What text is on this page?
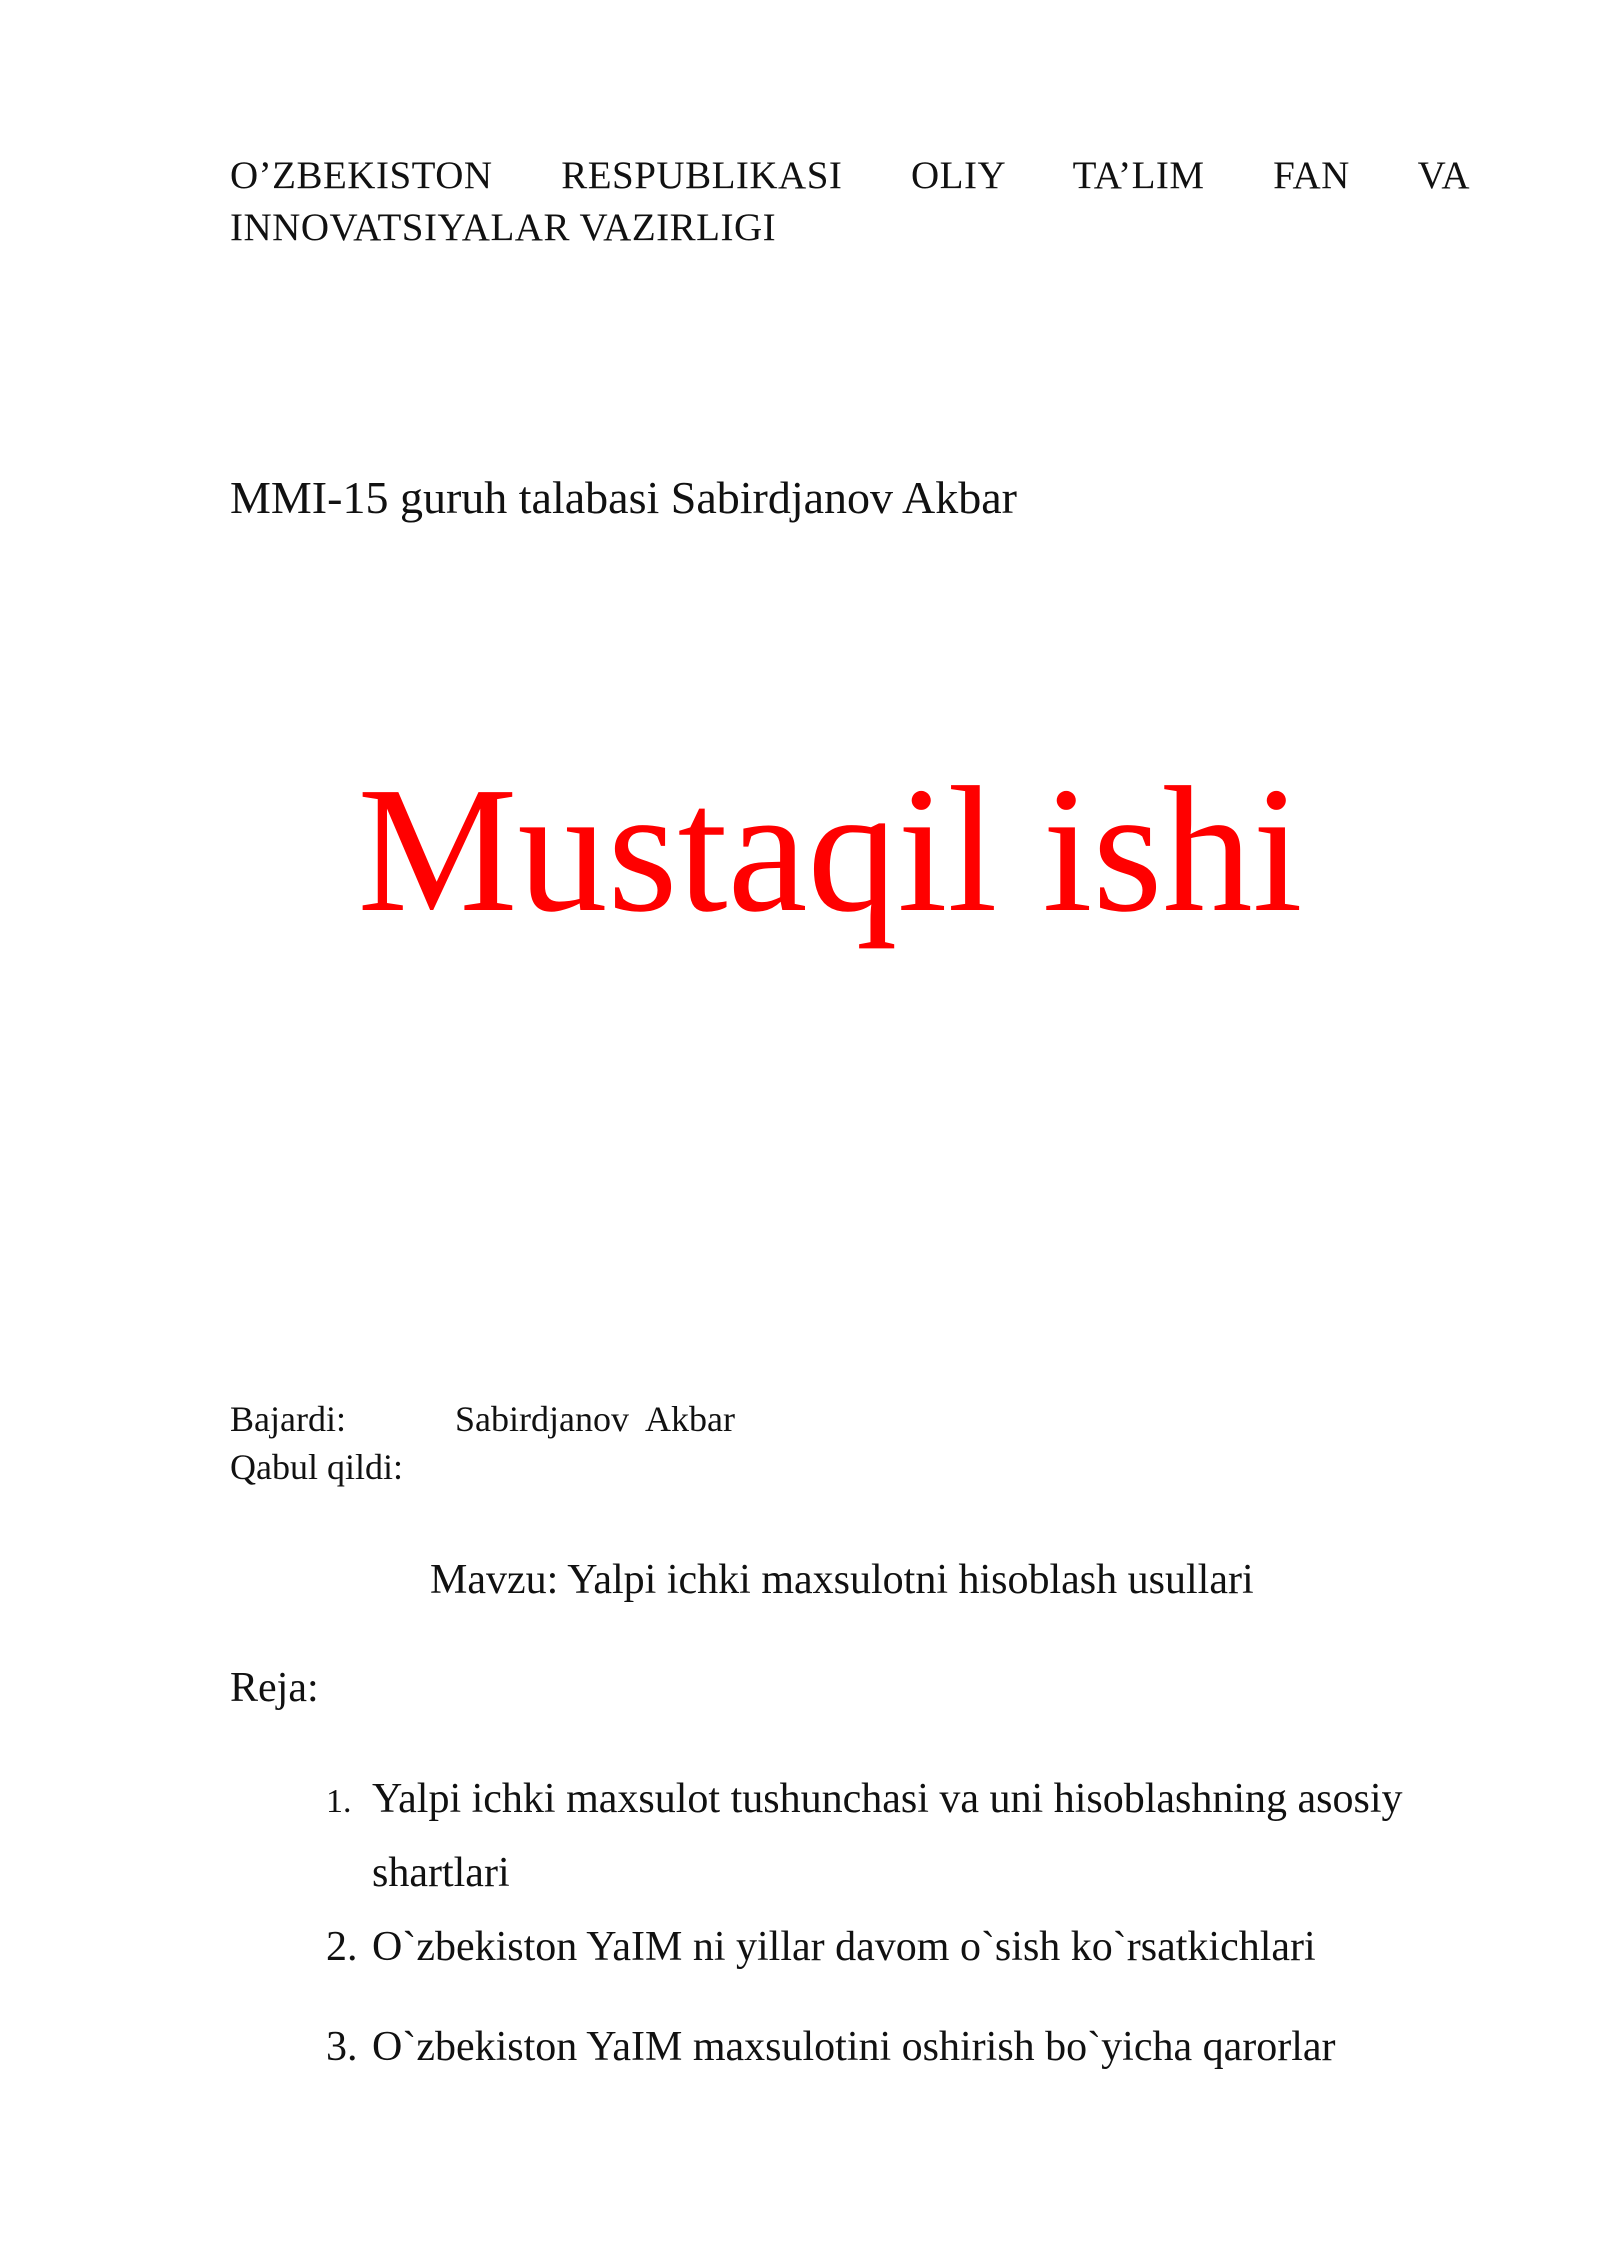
O’ZBEKISTON RESPUBLIKASI OLIY TA’LIM FAN VA
INNOVATSIYALAR VAZIRLIGI
MMI-15 guruh talabasi Sabirdjanov Akbar
Mustaqil ishi
Bajardi:	Sabirdjanov  Akbar
Qabul qildi:
Mavzu: Yalpi ichki maxsulotni hisoblash usullari
Reja:
1. Yalpi ichki maxsulot tushunchasi va uni hisoblashning asosiy shartlari
2. O`zbekiston YaIM ni yillar davom o`sish ko`rsatkichlari
3. O`zbekiston YaIM maxsulotini oshirish bo`yicha qarorlar
